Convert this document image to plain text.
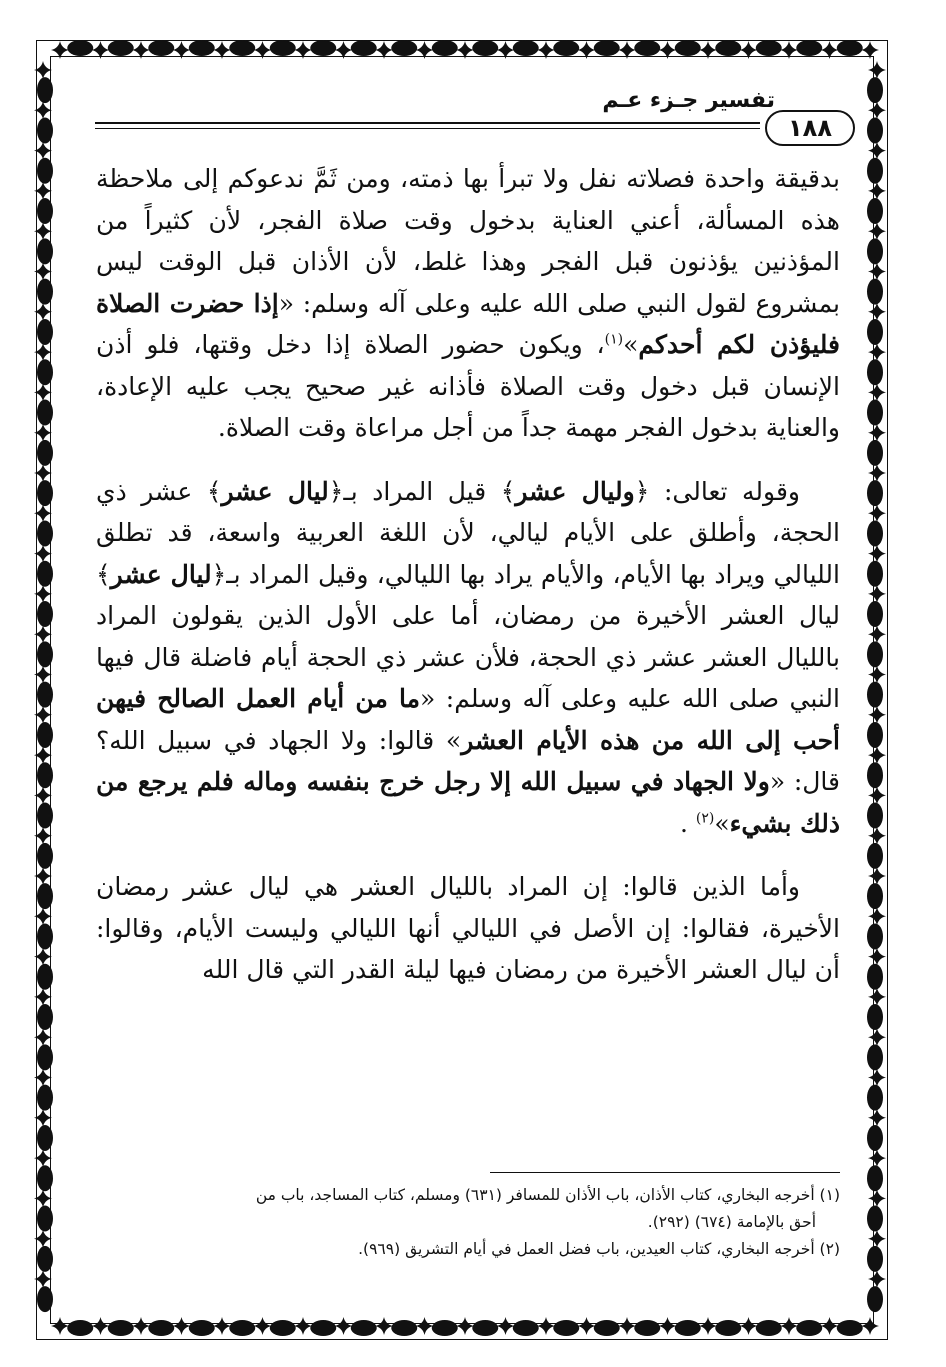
تفسير جـزء عـم
١٨٨

بدقيقة واحدة فصلاته نفل ولا تبرأ بها ذمته، ومن ثَمَّ ندعوكم إلى ملاحظة هذه المسألة، أعني العناية بدخول وقت صلاة الفجر، لأن كثيراً من المؤذنين يؤذنون قبل الفجر وهذا غلط، لأن الأذان قبل الوقت ليس بمشروع لقول النبي صلى الله عليه وعلى آله وسلم: «إذا حضرت الصلاة فليؤذن لكم أحدكم»$^{(١)}$، ويكون حضور الصلاة إذا دخل وقتها، فلو أذن الإنسان قبل دخول وقت الصلاة فأذانه غير صحيح يجب عليه الإعادة، والعناية بدخول الفجر مهمة جداً من أجل مراعاة وقت الصلاة.

وقوله تعالى: ﴿وليال عشر﴾ قيل المراد بـ﴿ليال عشر﴾ عشر ذي الحجة، وأطلق على الأيام ليالي، لأن اللغة العربية واسعة، قد تطلق الليالي ويراد بها الأيام، والأيام يراد بها الليالي، وقيل المراد بـ﴿ليال عشر﴾ ليال العشر الأخيرة من رمضان، أما على الأول الذين يقولون المراد بالليال العشر عشر ذي الحجة، فلأن عشر ذي الحجة أيام فاضلة قال فيها النبي صلى الله عليه وعلى آله وسلم: «ما من أيام العمل الصالح فيهن أحب إلى الله من هذه الأيام العشر» قالوا: ولا الجهاد في سبيل الله؟ قال: «ولا الجهاد في سبيل الله إلا رجل خرج بنفسه وماله فلم يرجع من ذلك بشيء»$^{(٢)}$ .

وأما الذين قالوا: إن المراد بالليال العشر هي ليال عشر رمضان الأخيرة، فقالوا: إن الأصل في الليالي أنها الليالي وليست الأيام، وقالوا: أن ليال العشر الأخيرة من رمضان فيها ليلة القدر التي قال الله

(١) أخرجه البخاري، كتاب الأذان، باب الأذان للمسافر (٦٣١) ومسلم، كتاب المساجد، باب من

أحق بالإمامة (٦٧٤) (٢٩٢).

(٢) أخرجه البخاري، كتاب العيدين، باب فضل العمل في أيام التشريق (٩٦٩).
